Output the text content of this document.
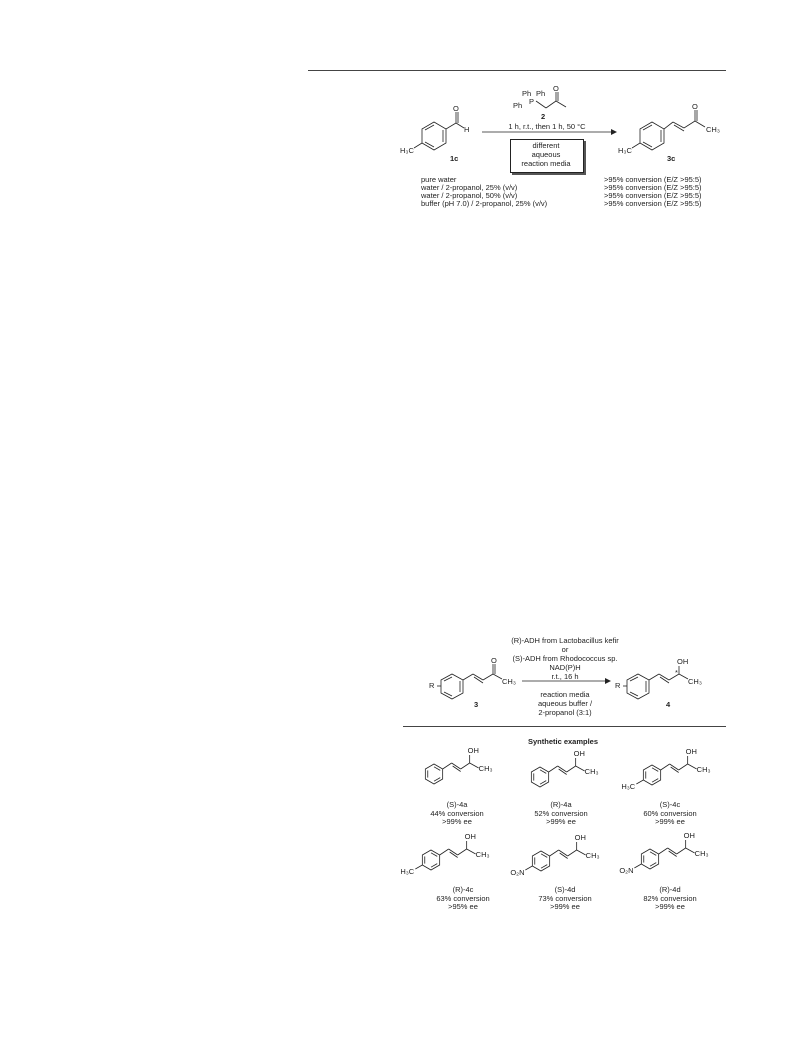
O
H
H₃C
1c
Ph Ph
Ph P
O
2
1 h, r.t., then 1 h, 50 °C
different
aqueous
reaction media
O
CH₃
H₃C
3c
pure water
water / 2-propanol, 25% (v/v)
water / 2-propanol, 50% (v/v)
buffer (pH 7.0) / 2-propanol, 25% (v/v)
>95% conversion (E/Z >95:5)
>95% conversion (E/Z >95:5)
>95% conversion (E/Z >95:5)
>95% conversion (E/Z >95:5)
(R)-ADH from Lactobacillus kefir
or
(S)-ADH from Rhodococcus sp.
NAD(P)H
r.t., 16 h
R
O
CH₃
3
R
OH
*
CH₃
4
reaction media
aqueous buffer /
2-propanol (3:1)
Synthetic examples
OH
CH₃
(S)-4a
44% conversion
>99% ee
OH
CH₃
(R)-4a
52% conversion
>99% ee
OH
CH₃
H₃C
(S)-4c
60% conversion
>99% ee
OH
CH₃
H₃C
(R)-4c
63% conversion
>95% ee
OH
CH₃
O₂N
(S)-4d
73% conversion
>99% ee
OH
CH₃
O₂N
(R)-4d
82% conversion
>99% ee
